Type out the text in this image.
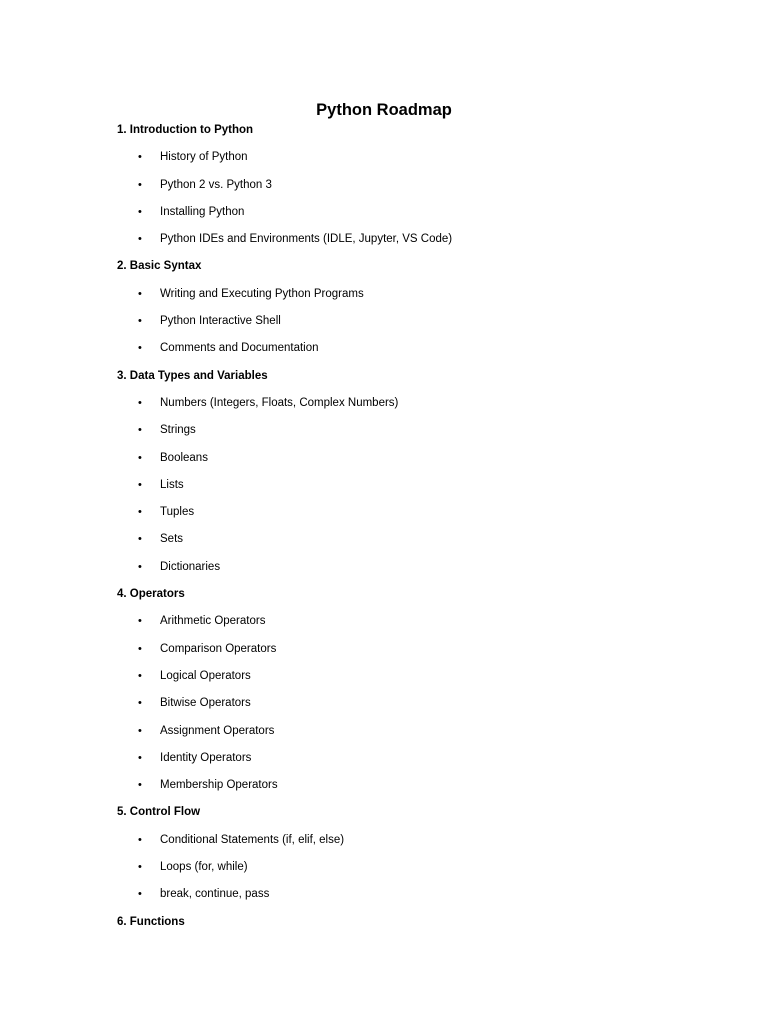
Python Roadmap
1. Introduction to Python
• History of Python
• Python 2 vs. Python 3
• Installing Python
• Python IDEs and Environments (IDLE, Jupyter, VS Code)
2. Basic Syntax
• Writing and Executing Python Programs
• Python Interactive Shell
• Comments and Documentation
3. Data Types and Variables
• Numbers (Integers, Floats, Complex Numbers)
• Strings
• Booleans
• Lists
• Tuples
• Sets
• Dictionaries
4. Operators
• Arithmetic Operators
• Comparison Operators
• Logical Operators
• Bitwise Operators
• Assignment Operators
• Identity Operators
• Membership Operators
5. Control Flow
• Conditional Statements (if, elif, else)
• Loops (for, while)
• break, continue, pass
6. Functions
